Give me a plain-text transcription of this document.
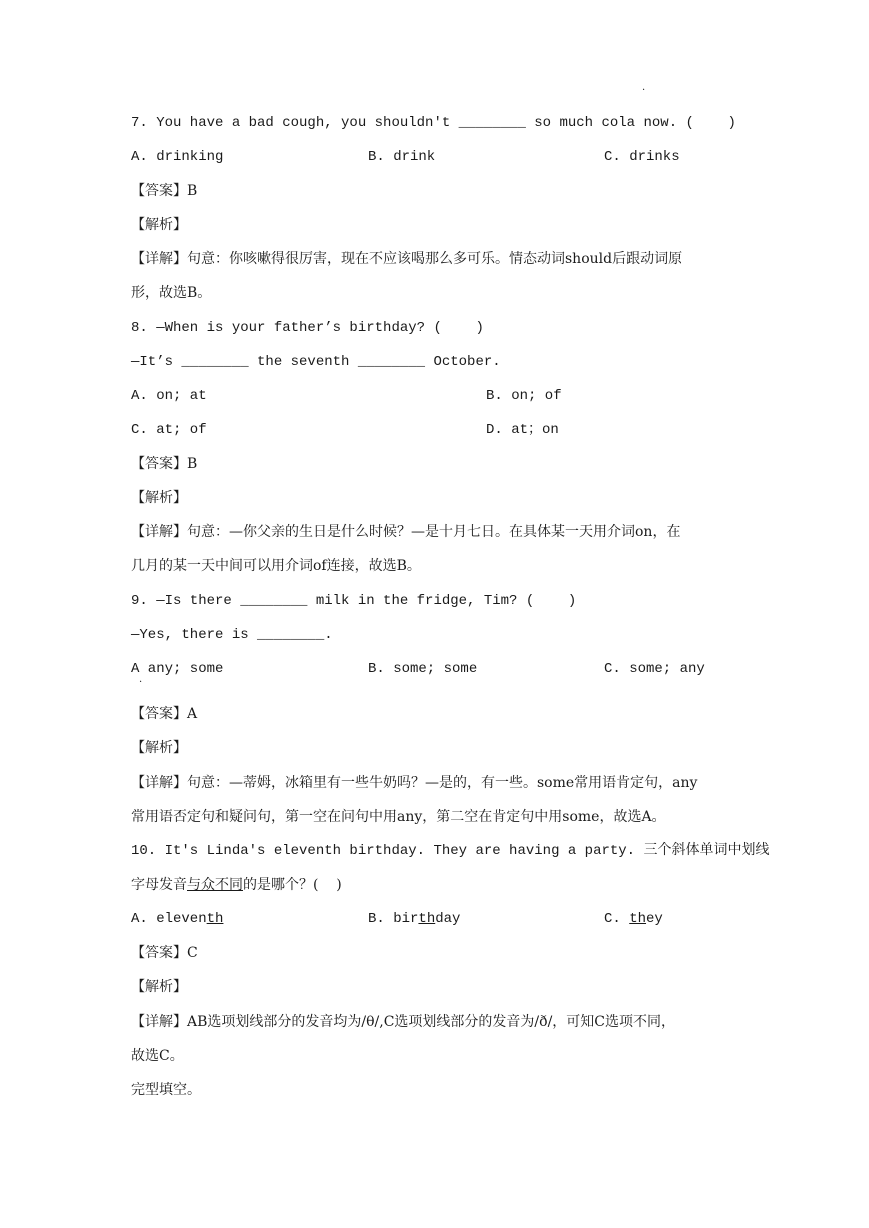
.
7. You have a bad cough, you shouldn't ________ so much cola now. (    )
A. drinking	B. drink	C. drinks
【答案】B
【解析】
【详解】句意：你咳嗽得很厉害，现在不应该喝那么多可乐。情态动词should后跟动词原
形，故选B。
8. —When is your father’s birthday? (    )
—It’s ________ the seventh ________ October.
A. on; at	B. on; of
C. at; of	D. at；on
【答案】B
【解析】
【详解】句意：—你父亲的生日是什么时候？—是十月七日。在具体某一天用介词on，在
几月的某一天中间可以用介词of连接，故选B。
9. —Is there ________ milk in the fridge, Tim? (    )
—Yes, there is ________.
A any; some
.
B. some; some	C. some; any
【答案】A
【解析】
【详解】句意：—蒂姆，冰箱里有一些牛奶吗？—是的，有一些。some常用语肯定句，any
常用语否定句和疑问句，第一空在问句中用any，第二空在肯定句中用some，故选A。
10. It's Linda's eleventh birthday. They are having a party. 三个斜体单词中划线
字母发音与众不同的是哪个？(    )
A. eleventh	B. birthday	C. they
【答案】C
【解析】
【详解】AB选项划线部分的发音均为/θ/,C选项划线部分的发音为/ð/，可知C选项不同，
故选C。
完型填空。
